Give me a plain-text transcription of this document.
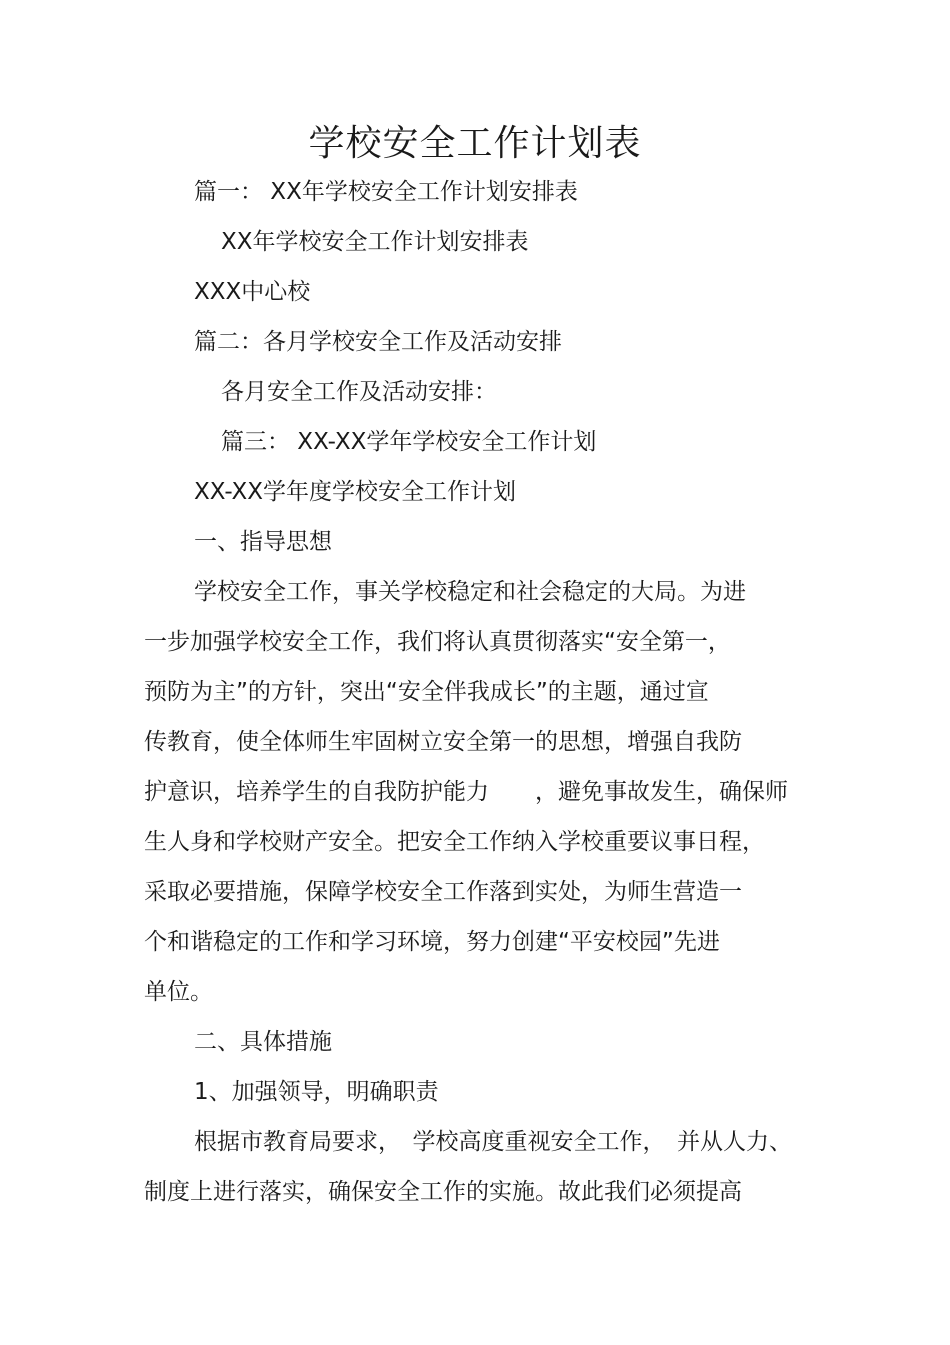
学校安全工作计划表
篇一： XX年学校安全工作计划安排表
XX年学校安全工作计划安排表
XXX中心校
篇二：各月学校安全工作及活动安排
各月安全工作及活动安排：
篇三： XX-XX学年学校安全工作计划
XX-XX学年度学校安全工作计划
一、指导思想
学校安全工作，事关学校稳定和社会稳定的大局。为进
一步加强学校安全工作，我们将认真贯彻落实“安全第一，
预防为主”的方针，突出“安全伴我成长”的主题，通过宣
传教育，使全体师生牢固树立安全第一的思想，增强自我防
护意识，培养学生的自我防护能力　　，避免事故发生，确保师
生人身和学校财产安全。把安全工作纳入学校重要议事日程，
采取必要措施，保障学校安全工作落到实处，为师生营造一
个和谐稳定的工作和学习环境，努力创建“平安校园”先进
单位。
二、具体措施
1、加强领导，明确职责
根据市教育局要求，　学校高度重视安全工作，　并从人力、
制度上进行落实，确保安全工作的实施。故此我们必须提高
